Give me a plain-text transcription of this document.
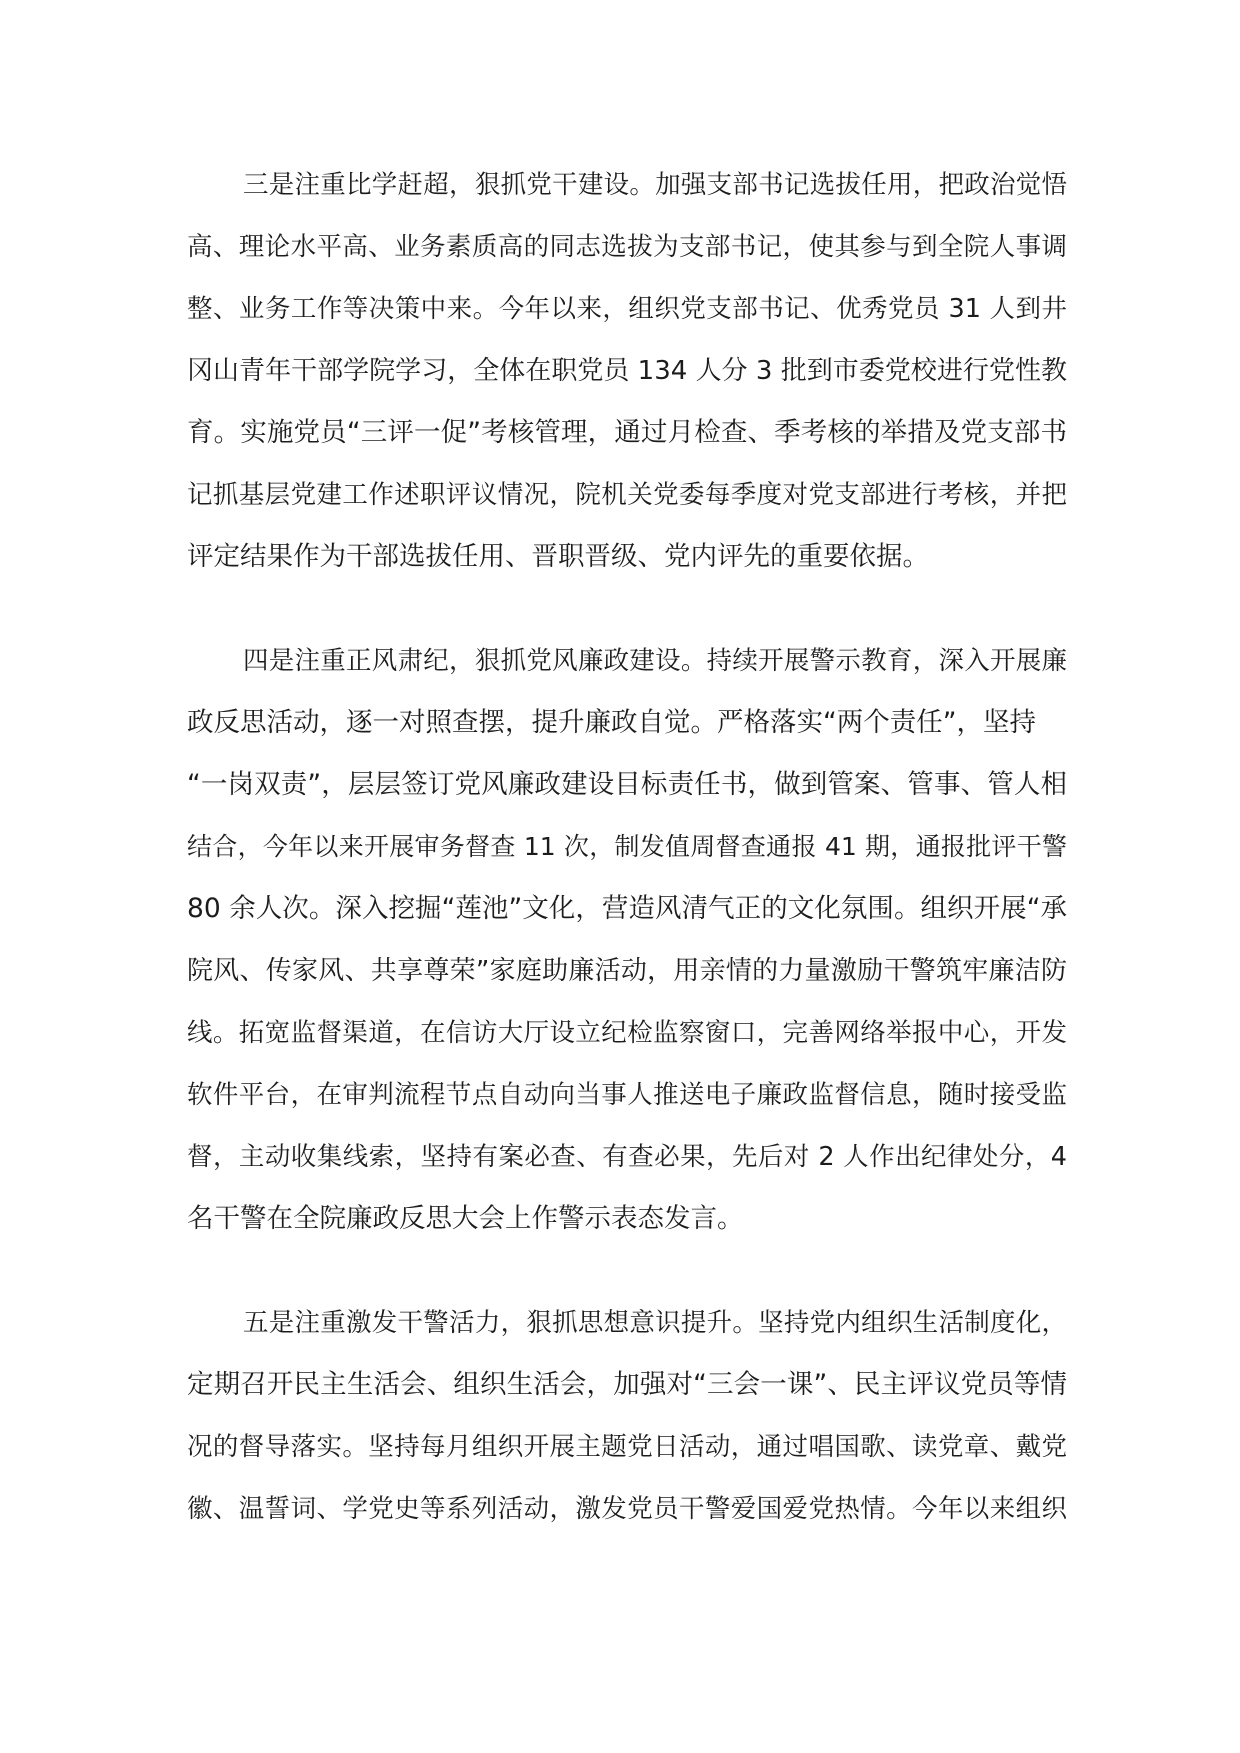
三是注重比学赶超，狠抓党干建设。加强支部书记选拔任用，把政治觉悟
高、理论水平高、业务素质高的同志选拔为支部书记，使其参与到全院人事调
整、业务工作等决策中来。今年以来，组织党支部书记、优秀党员 31 人到井
冈山青年干部学院学习，全体在职党员 134 人分 3 批到市委党校进行党性教
育。实施党员“三评一促”考核管理，通过月检查、季考核的举措及党支部书
记抓基层党建工作述职评议情况，院机关党委每季度对党支部进行考核，并把
评定结果作为干部选拔任用、晋职晋级、党内评先的重要依据。
四是注重正风肃纪，狠抓党风廉政建设。持续开展警示教育，深入开展廉
政反思活动，逐一对照查摆，提升廉政自觉。严格落实“两个责任”，坚持
“一岗双责”，层层签订党风廉政建设目标责任书，做到管案、管事、管人相
结合，今年以来开展审务督查 11 次，制发值周督查通报 41 期，通报批评干警
80 余人次。深入挖掘“莲池”文化，营造风清气正的文化氛围。组织开展“承
院风、传家风、共享尊荣”家庭助廉活动，用亲情的力量激励干警筑牢廉洁防
线。拓宽监督渠道，在信访大厅设立纪检监察窗口，完善网络举报中心，开发
软件平台，在审判流程节点自动向当事人推送电子廉政监督信息，随时接受监
督，主动收集线索，坚持有案必查、有查必果，先后对 2 人作出纪律处分，4
名干警在全院廉政反思大会上作警示表态发言。
五是注重激发干警活力，狠抓思想意识提升。坚持党内组织生活制度化，
定期召开民主生活会、组织生活会，加强对“三会一课”、民主评议党员等情
况的督导落实。坚持每月组织开展主题党日活动，通过唱国歌、读党章、戴党
徽、温誓词、学党史等系列活动，激发党员干警爱国爱党热情。今年以来组织
